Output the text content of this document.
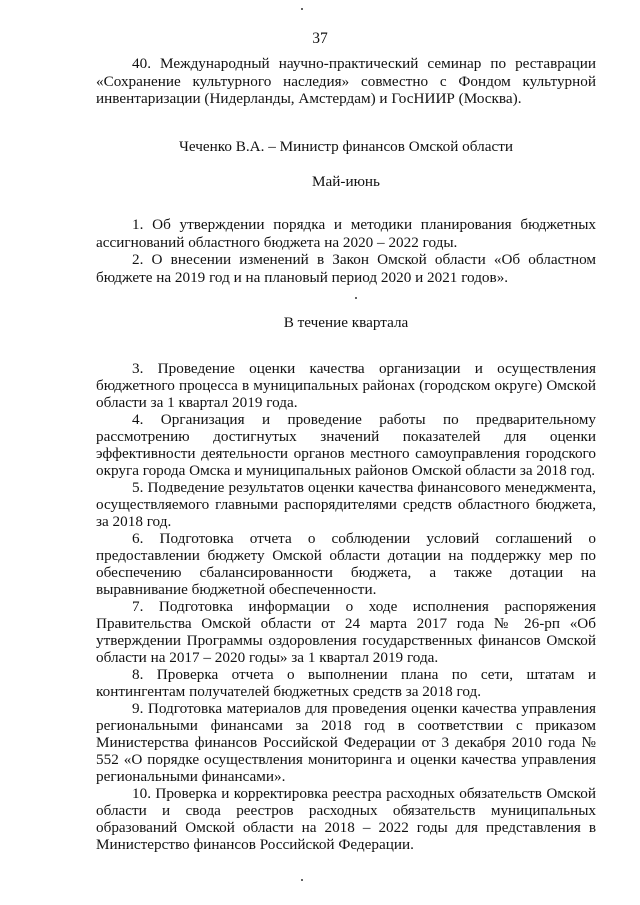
37

40. Международный научно-практический семинар по реставрации «Сохранение культурного наследия» совместно с Фондом культурной инвентаризации (Нидерланды, Амстердам) и ГосНИИР (Москва).

Чеченко В.А. – Министр финансов Омской области

Май-июнь

1. Об утверждении порядка и методики планирования бюджетных ассигнований областного бюджета на 2020 – 2022 годы.

2. О внесении изменений в Закон Омской области «Об областном бюджете на 2019 год и на плановый период 2020 и 2021 годов».

В течение квартала

3. Проведение оценки качества организации и осуществления бюджетного процесса в муниципальных районах (городском округе) Омской области за 1 квартал 2019 года.

4. Организация и проведение работы по предварительному рассмотрению достигнутых значений показателей для оценки эффективности деятельности органов местного самоуправления городского округа города Омска и муниципальных районов Омской области за 2018 год.

5. Подведение результатов оценки качества финансового менеджмента, осуществляемого главными распорядителями средств областного бюджета, за 2018 год.

6. Подготовка отчета о соблюдении условий соглашений о предоставлении бюджету Омской области дотации на поддержку мер по обеспечению сбалансированности бюджета, а также дотации на выравнивание бюджетной обеспеченности.

7. Подготовка информации о ходе исполнения распоряжения Правительства Омской области от 24 марта 2017 года № 26-рп «Об утверждении Программы оздоровления государственных финансов Омской области на 2017 – 2020 годы» за 1 квартал 2019 года.

8. Проверка отчета о выполнении плана по сети, штатам и контингентам получателей бюджетных средств за 2018 год.

9. Подготовка материалов для проведения оценки качества управления региональными финансами за 2018 год в соответствии с приказом Министерства финансов Российской Федерации от 3 декабря 2010 года № 552 «О порядке осуществления мониторинга и оценки качества управления региональными финансами».

10. Проверка и корректировка реестра расходных обязательств Омской области и свода реестров расходных обязательств муниципальных образований Омской области на 2018 – 2022 годы для представления в Министерство финансов Российской Федерации.
